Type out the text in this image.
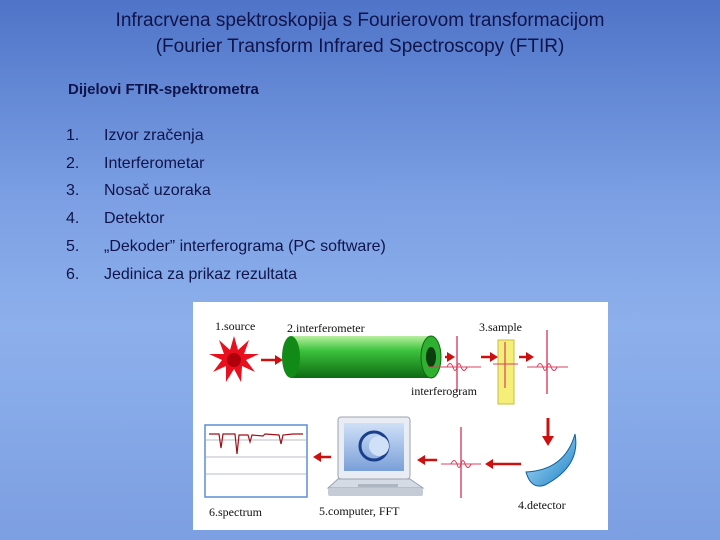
Infracrvena spektroskopija s Fourierovom transformacijom
(Fourier Transform Infrared Spectroscopy (FTIR)
Dijelovi FTIR-spektrometra
1.	Izvor zračenja
2.	Interferometar
3.	Nosač uzoraka
4.	Detektor
5.	„Dekoder” interferograma (PC software)
6.	Jedinica za prikaz rezultata
1.source	2.interferometer	3.sample
interferogram
6.spectrum	5.computer, FFT	4.detector
